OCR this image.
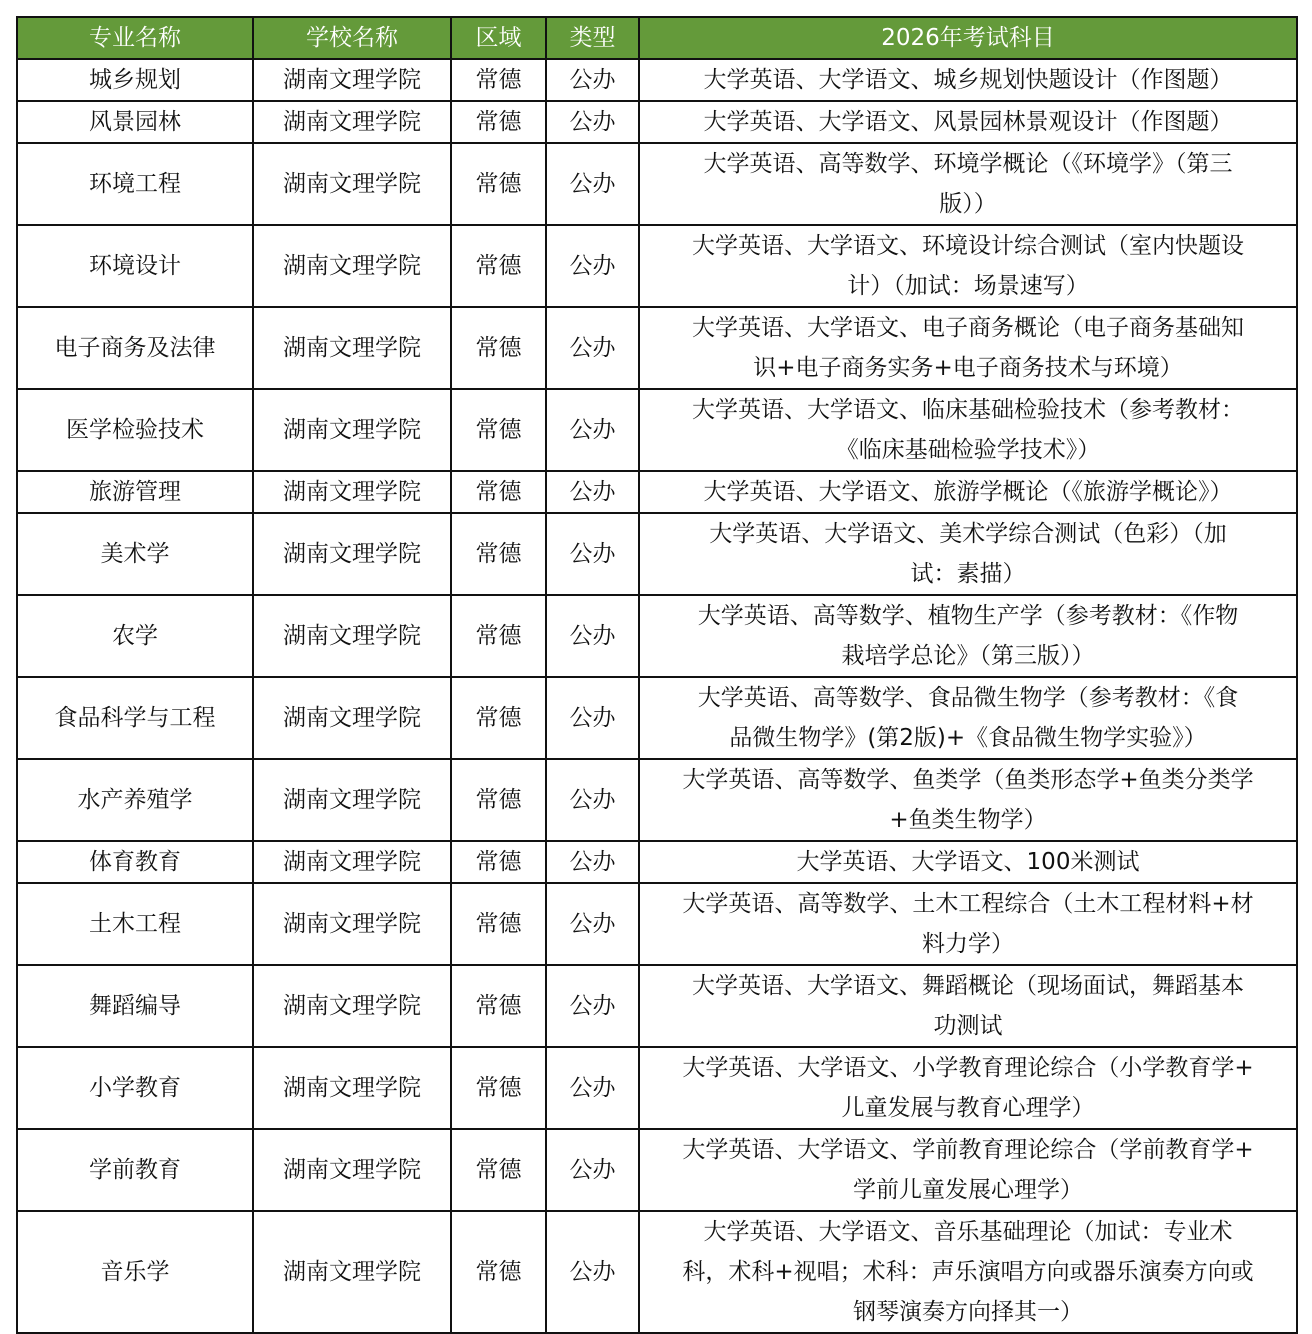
专业名称	学校名称	区域	类型	2026年考试科目
城乡规划	湖南文理学院	常德	公办	大学英语、大学语文、城乡规划快题设计（作图题）

风景园林	湖南文理学院	常德	公办	大学英语、大学语文、风景园林景观设计（作图题）

环境工程	湖南文理学院	常德	公办	大学英语、高等数学、环境学概论（《环境学》（第三
版））

环境设计	湖南文理学院	常德	公办	大学英语、大学语文、环境设计综合测试（室内快题设
计）（加试：场景速写）

电子商务及法律	湖南文理学院	常德	公办	大学英语、大学语文、电子商务概论（电子商务基础知
识+电子商务实务+电子商务技术与环境）

医学检验技术	湖南文理学院	常德	公办	大学英语、大学语文、临床基础检验技术（参考教材：
《临床基础检验学技术》）

旅游管理	湖南文理学院	常德	公办	大学英语、大学语文、旅游学概论（《旅游学概论》）

美术学	湖南文理学院	常德	公办	大学英语、大学语文、美术学综合测试（色彩）（加
试：素描）

农学	湖南文理学院	常德	公办	大学英语、高等数学、植物生产学（参考教材：《作物
栽培学总论》（第三版））

食品科学与工程	湖南文理学院	常德	公办	大学英语、高等数学、食品微生物学（参考教材：《食
品微生物学》(第2版)+《食品微生物学实验》）

水产养殖学	湖南文理学院	常德	公办	大学英语、高等数学、鱼类学（鱼类形态学+鱼类分类学
+鱼类生物学）

体育教育	湖南文理学院	常德	公办	大学英语、大学语文、100米测试

土木工程	湖南文理学院	常德	公办	大学英语、高等数学、土木工程综合（土木工程材料+材
料力学）

舞蹈编导	湖南文理学院	常德	公办	大学英语、大学语文、舞蹈概论（现场面试，舞蹈基本
功测试

小学教育	湖南文理学院	常德	公办	大学英语、大学语文、小学教育理论综合（小学教育学+
儿童发展与教育心理学）

学前教育	湖南文理学院	常德	公办	大学英语、大学语文、学前教育理论综合（学前教育学+
学前儿童发展心理学）

音乐学	湖南文理学院	常德	公办	大学英语、大学语文、音乐基础理论（加试：专业术
科，术科+视唱；术科：声乐演唱方向或器乐演奏方向或
钢琴演奏方向择其一）
